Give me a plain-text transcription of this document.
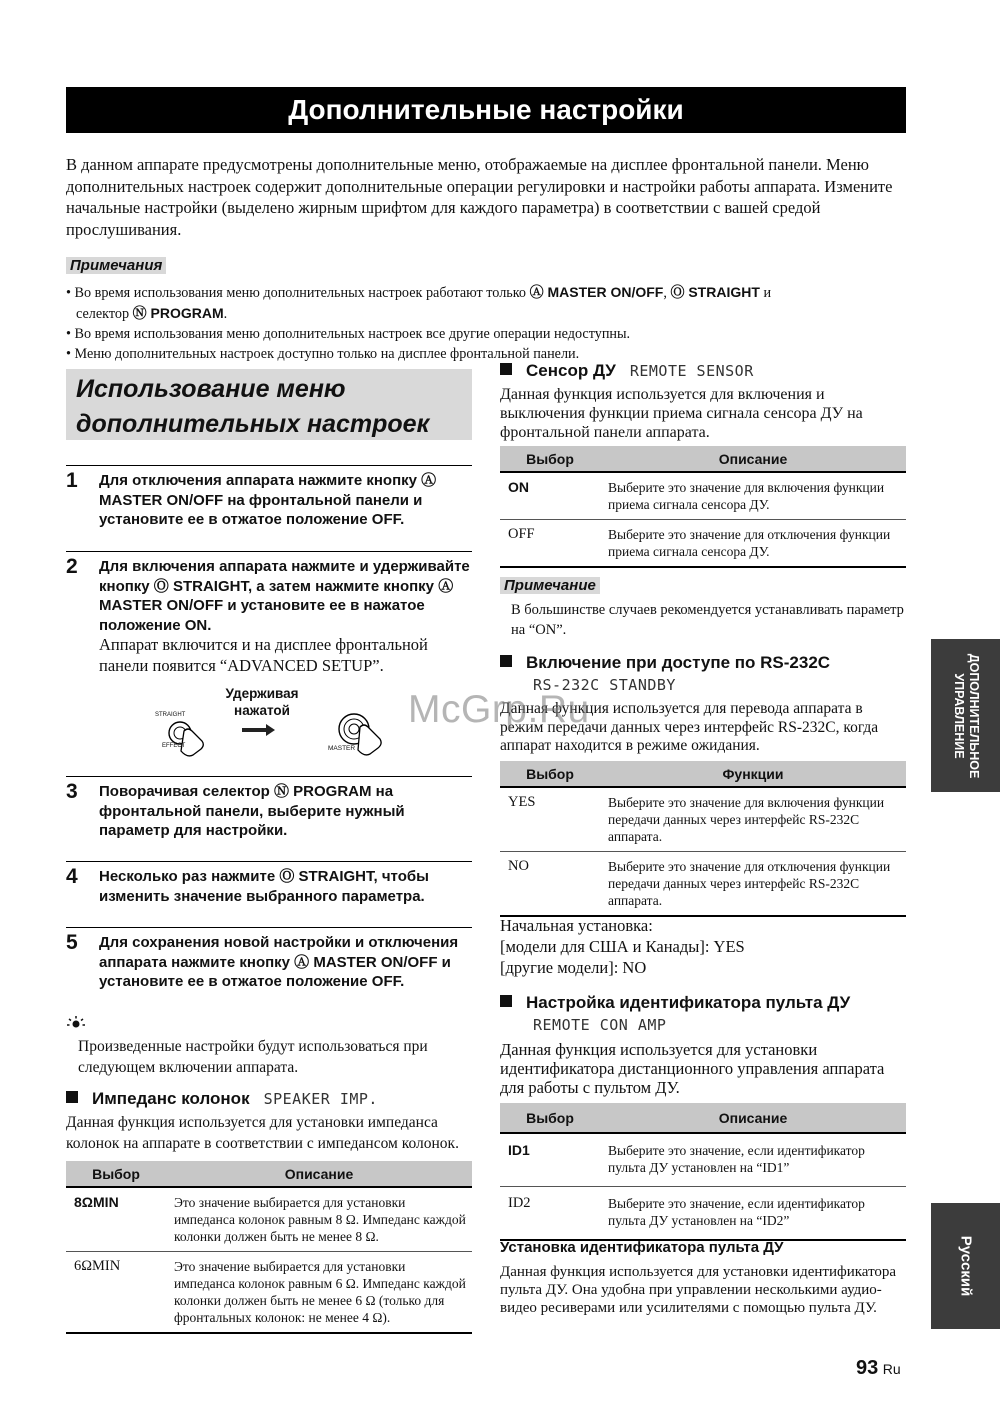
Дополнительные настройки
В данном аппарате предусмотрены дополнительные меню, отображаемые на дисплее фронтальной панели. Меню дополнительных настроек содержит дополнительные операции регулировки и настройки работы аппарата. Измените начальные настройки (выделено жирным шрифтом для каждого параметра) в соответствии с вашей средой прослушивания.
Примечания
• Во время использования меню дополнительных настроек работают только Ⓐ MASTER ON/OFF, Ⓞ STRAIGHT и
селектор Ⓝ PROGRAM.
• Во время использования меню дополнительных настроек все другие операции недоступны.
• Меню дополнительных настроек доступно только на дисплее фронтальной панели.
Использование меню
дополнительных настроек
1 Для отключения аппарата нажмите кнопку Ⓐ MASTER ON/OFF на фронтальной панели и установите ее в отжатое положение OFF.
2 Для включения аппарата нажмите и удерживайте кнопку Ⓞ STRAIGHT, а затем нажмите кнопку Ⓐ MASTER ON/OFF и установите ее в нажатое положение ON.
Аппарат включится и на дисплее фронтальной панели появится “ADVANCED SETUP”.
Удерживая нажатой
STRAIGHT
EFFECT	MASTER
3 Поворачивая селектор Ⓝ PROGRAM на фронтальной панели, выберите нужный параметр для настройки.
4 Несколько раз нажмите Ⓞ STRAIGHT, чтобы изменить значение выбранного параметра.
5 Для сохранения новой настройки и отключения аппарата нажмите кнопку Ⓐ MASTER ON/OFF и установите ее в отжатое положение OFF.
Произведенные настройки будут использоваться при следующем включении аппарата.
Импеданс колонок SPEAKER IMP.
Данная функция используется для установки импеданса колонок на аппарате в соответствии с импедансом колонок.
Выбор	Описание
8ΩMIN	Это значение выбирается для установки импеданса колонок равным 8 Ω. Импеданс каждой колонки должен быть не менее 8 Ω.
6ΩMIN	Это значение выбирается для установки импеданса колонок равным 6 Ω. Импеданс каждой колонки должен быть не менее 6 Ω (только для фронтальных колонок: не менее 4 Ω).
Сенсор ДУ REMOTE SENSOR
Данная функция используется для включения и выключения функции приема сигнала сенсора ДУ на фронтальной панели аппарата.
Выбор	Описание
ON	Выберите это значение для включения функции приема сигнала сенсора ДУ.
OFF	Выберите это значение для отключения функции приема сигнала сенсора ДУ.
Примечание
В большинстве случаев рекомендуется устанавливать параметр на “ON”.
Включение при доступе по RS-232C
RS-232C STANDBY
Данная функция используется для перевода аппарата в режим передачи данных через интерфейс RS-232C, когда аппарат находится в режиме ожидания.
Выбор	Функции
YES	Выберите это значение для включения функции передачи данных через интерфейс RS-232C аппарата.
NO	Выберите это значение для отключения функции передачи данных через интерфейс RS-232C аппарата.
Начальная установка:
[модели для США и Канады]: YES
[другие модели]: NO
Настройка идентификатора пульта ДУ
REMOTE CON AMP
Данная функция используется для установки идентификатора дистанционного управления аппарата для работы с пультом ДУ.
Выбор	Описание
ID1	Выберите это значение, если идентификатор пульта ДУ установлен на “ID1”
ID2	Выберите это значение, если идентификатор пульта ДУ установлен на “ID2”
Установка идентификатора пульта ДУ
Данная функция используется для установки идентификатора пульта ДУ. Она удобна при управлении несколькими аудио-видео ресиверами или усилителями с помощью пульта ДУ.
ДОПОЛНИТЕЛЬНОЕ
УПРАВЛЕНИЕ
Русский
93 Ru
McGrp.Ru
